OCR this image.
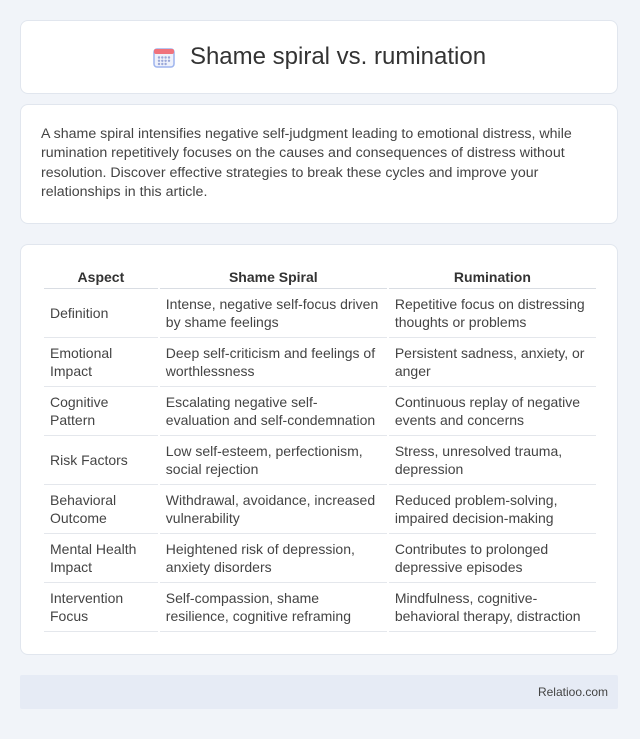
Shame spiral vs. rumination

A shame spiral intensifies negative self-judgment leading to emotional distress, while rumination repetitively focuses on the causes and consequences of distress without resolution. Discover effective strategies to break these cycles and improve your relationships in this article.

Aspect	Shame Spiral	Rumination
Definition	Intense, negative self-focus driven by shame feelings	Repetitive focus on distressing thoughts or problems
Emotional Impact	Deep self-criticism and feelings of worthlessness	Persistent sadness, anxiety, or anger
Cognitive Pattern	Escalating negative self-evaluation and self-condemnation	Continuous replay of negative events and concerns
Risk Factors	Low self-esteem, perfectionism, social rejection	Stress, unresolved trauma, depression
Behavioral Outcome	Withdrawal, avoidance, increased vulnerability	Reduced problem-solving, impaired decision-making
Mental Health Impact	Heightened risk of depression, anxiety disorders	Contributes to prolonged depressive episodes
Intervention Focus	Self-compassion, shame resilience, cognitive reframing	Mindfulness, cognitive-behavioral therapy, distraction
Relatioo.com
